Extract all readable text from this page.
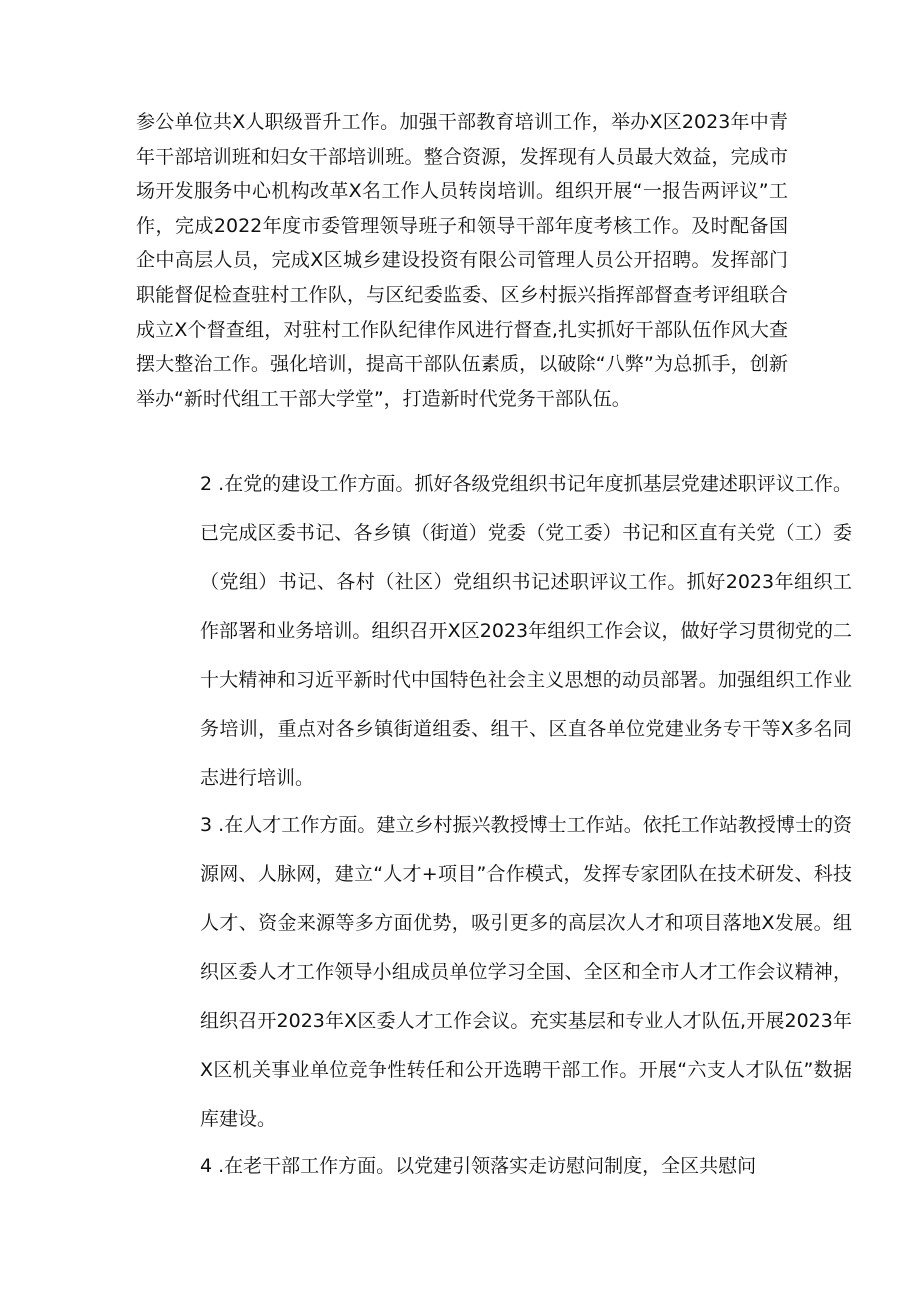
参公单位共X人职级晋升工作。加强干部教育培训工作，举办X区2023年中青年干部培训班和妇女干部培训班。整合资源，发挥现有人员最大效益，完成市场开发服务中心机构改革X名工作人员转岗培训。组织开展“一报告两评议”工作，完成2022年度市委管理领导班子和领导干部年度考核工作。及时配备国企中高层人员，完成X区城乡建设投资有限公司管理人员公开招聘。发挥部门职能督促检查驻村工作队，与区纪委监委、区乡村振兴指挥部督查考评组联合成立X个督查组，对驻村工作队纪律作风进行督查,扎实抓好干部队伍作风大查摆大整治工作。强化培训，提高干部队伍素质，以破除“八弊”为总抓手，创新举办“新时代组工干部大学堂”，打造新时代党务干部队伍。

2 .在党的建设工作方面。抓好各级党组织书记年度抓基层党建述职评议工作。已完成区委书记、各乡镇（街道）党委（党工委）书记和区直有关党（工）委（党组）书记、各村（社区）党组织书记述职评议工作。抓好2023年组织工作部署和业务培训。组织召开X区2023年组织工作会议，做好学习贯彻党的二十大精神和习近平新时代中国特色社会主义思想的动员部署。加强组织工作业务培训，重点对各乡镇街道组委、组干、区直各单位党建业务专干等X多名同志进行培训。

3 .在人才工作方面。建立乡村振兴教授博士工作站。依托工作站教授博士的资源网、人脉网，建立“人才+项目”合作模式，发挥专家团队在技术研发、科技人才、资金来源等多方面优势，吸引更多的高层次人才和项目落地X发展。组织区委人才工作领导小组成员单位学习全国、全区和全市人才工作会议精神，组织召开2023年X区委人才工作会议。充实基层和专业人才队伍,开展2023年X区机关事业单位竞争性转任和公开选聘干部工作。开展“六支人才队伍”数据库建设。

4 .在老干部工作方面。以党建引领落实走访慰问制度，全区共慰问
